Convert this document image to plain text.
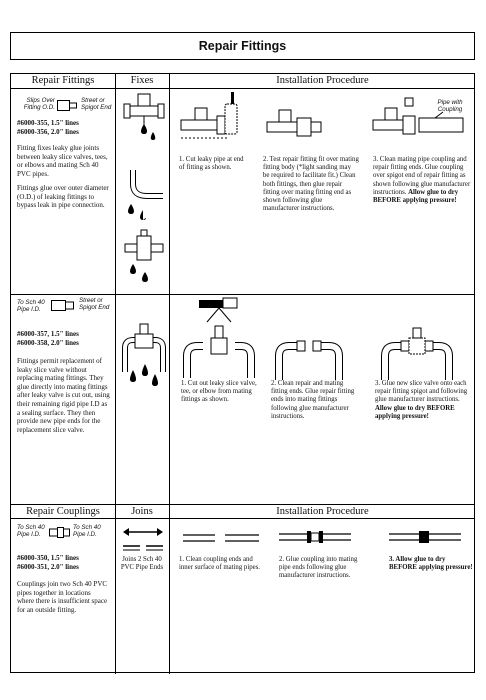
Repair Fittings
Repair Fittings	Fixes	Installation Procedure
Slips Over Fitting O.D.
Street or Spigot End
#6000-355, 1.5" lines
#6000-356, 2.0" lines
Fitting fixes leaky glue joints between leaky slice valves, tees, or elbows and mating Sch 40 PVC pipes.
Fittings glue over outer diameter (O.D.) of leaking fittings to bypass leak in pipe connection.
Pipe with Coupling
1. Cut leaky pipe at end of fitting as shown.
2. Test repair fitting fit over mating fitting body (*light sanding may be required to facilitate fit.) Clean both fittings, then glue repair fitting over mating fitting end as shown following glue manufacturer instructions.
3. Clean mating pipe coupling and repair fitting ends. Glue coupling over spigot end of repair fitting as shown following glue manufacturer instructions. Allow glue to dry BEFORE applying pressure!
To Sch 40 Pipe I.D.
Street or Spigot End
#6000-357, 1.5" lines
#6000-358, 2.0" lines
Fittings permit replacement of leaky slice valve without replacing mating fittings. They glue directly into mating fittings after leaky valve is cut out, using their remaining rigid pipe I.D as a sealing surface. They then provide new pipe ends for the replacement slice valve.
1. Cut out leaky slice valve, tee, or elbow from mating fittings as shown.
2. Clean repair and mating fitting ends. Glue repair fitting ends into mating fittings following glue manufacturer instructions.
3. Glue new slice valve onto each repair fitting spigot and following glue manufacturer instructions. Allow glue to dry BEFORE applying pressure!
Repair Couplings	Joins	Installation Procedure
To Sch 40 Pipe I.D.
To Sch 40 Pipe I.D.
#6000-350, 1.5" lines
#6000-351, 2.0" lines
Couplings join two Sch 40 PVC pipes together in locations where there is insufficient space for an outside fitting.
Joins 2 Sch 40 PVC Pipe Ends
1. Clean coupling ends and inner surface of mating pipes.
2. Glue coupling into mating pipe ends following glue manufacturer instructions.
3. Allow glue to dry BEFORE applying pressure!
